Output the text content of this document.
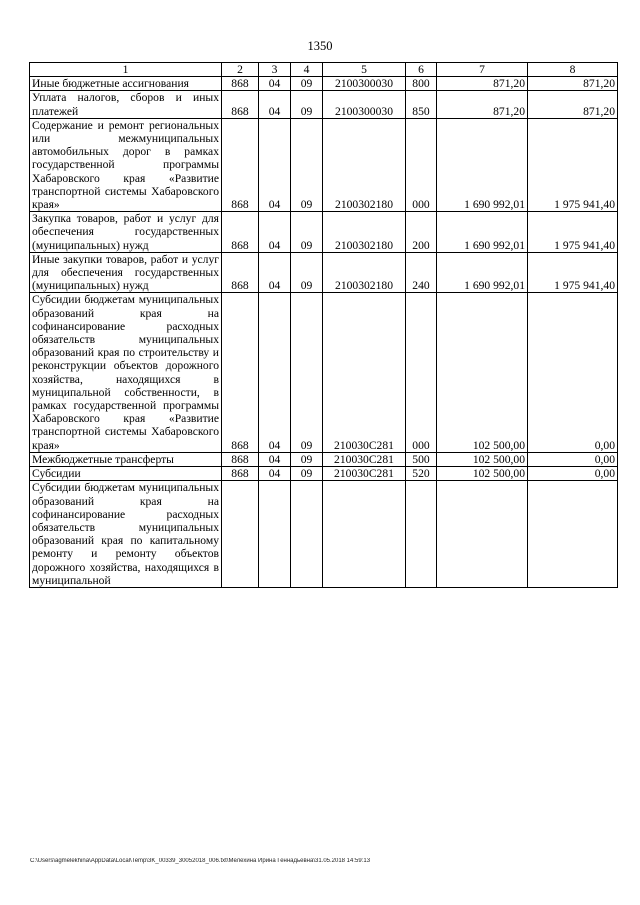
1350
1	2	3	4	5	6	7	8
Иные бюджетные ассигнования	868	04	09	2100300030	800	871,20	871,20
Уплата налогов, сборов и иных платежей	868	04	09	2100300030	850	871,20	871,20
Содержание и ремонт региональных или межмуниципальных автомобильных дорог в рамках государственной программы Хабаровского края «Развитие транспортной системы Хабаровского края»	868	04	09	2100302180	000	1 690 992,01	1 975 941,40
Закупка товаров, работ и услуг для обеспечения государственных (муниципальных) нужд	868	04	09	2100302180	200	1 690 992,01	1 975 941,40
Иные закупки товаров, работ и услуг для обеспечения государственных (муниципальных) нужд	868	04	09	2100302180	240	1 690 992,01	1 975 941,40
Субсидии бюджетам муниципальных образований края на софинансирование расходных обязательств муниципальных образований края по строительству и реконструкции объектов дорожного хозяйства, находящихся в муниципальной собственности, в рамках государственной программы Хабаровского края «Развитие транспортной системы Хабаровского края»	868	04	09	210030С281	000	102 500,00	0,00
Межбюджетные трансферты	868	04	09	210030С281	500	102 500,00	0,00
Субсидии	868	04	09	210030С281	520	102 500,00	0,00
Субсидии бюджетам муниципальных образований края на софинансирование расходных обязательств муниципальных образований края по капитальному ремонту и ремонту объектов дорожного хозяйства, находящихся в муниципальной							
C:\Users\agmelekhina\AppData\Local\Temp\3K_00339_30052018_006.txt\Мелехина Ирина Геннадьевна\31.05.2018 14:59:13
